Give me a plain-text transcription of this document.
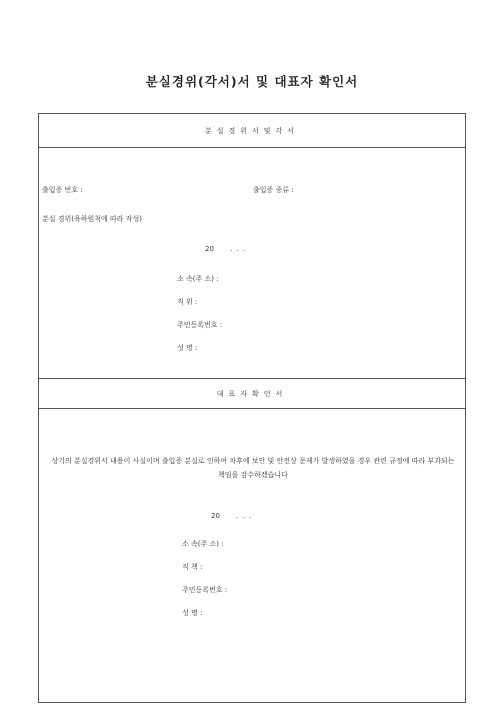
분실경위(각서)서 및 대표자 확인서
분실경위서및각서
출입증 번호 :	출입증 종류 :
분실 경위(육하원칙에 따라 작성)
20 . . .
소 속(주 소) :
직 위 :
주민등록번호 :
성 명 :
대표자확인서
상기의 분실경위서 내용이 사실이며 출입증 분실로 인하여 차후에 보안 및 안전상 문제가 발생하였을 경우 관련 규정에 따라 부과되는 책임을 감수하겠습니다
20 . . .
소 속(주 소) :
직 책 :
주민등록번호 :
성 명 :
